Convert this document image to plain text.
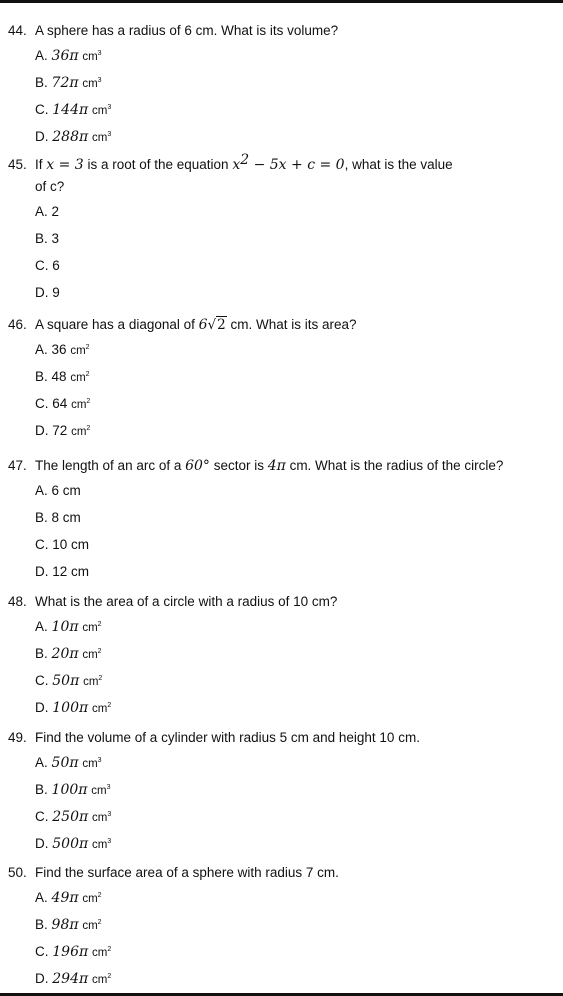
44. A sphere has a radius of 6 cm. What is its volume?
A. 36π $cm^3$
B. 72π $cm^3$
C. 144π $cm^3$
D. 288π $cm^3$
45. If x = 3 is a root of the equation $x^2 - 5x + c = 0$, what is the value
of c?
A. 2
B. 3
C. 6
D. 9
46. A square has a diagonal of 6√2 cm. What is its area?
A. 36 $cm^2$
B. 48 $cm^2$
C. 64 $cm^2$
D. 72 $cm^2$
47. The length of an arc of a 60° sector is 4π cm. What is the radius of the circle?
A. 6 cm
B. 8 cm
C. 10 cm
D. 12 cm
48. What is the area of a circle with a radius of 10 cm?
A. 10π $cm^2$
B. 20π $cm^2$
C. 50π $cm^2$
D. 100π $cm^2$
49. Find the volume of a cylinder with radius 5 cm and height 10 cm.
A. 50π $cm^3$
B. 100π $cm^3$
C. 250π $cm^3$
D. 500π $cm^3$
50. Find the surface area of a sphere with radius 7 cm.
A. 49π $cm^2$
B. 98π $cm^2$
C. 196π $cm^2$
D. 294π $cm^2$
